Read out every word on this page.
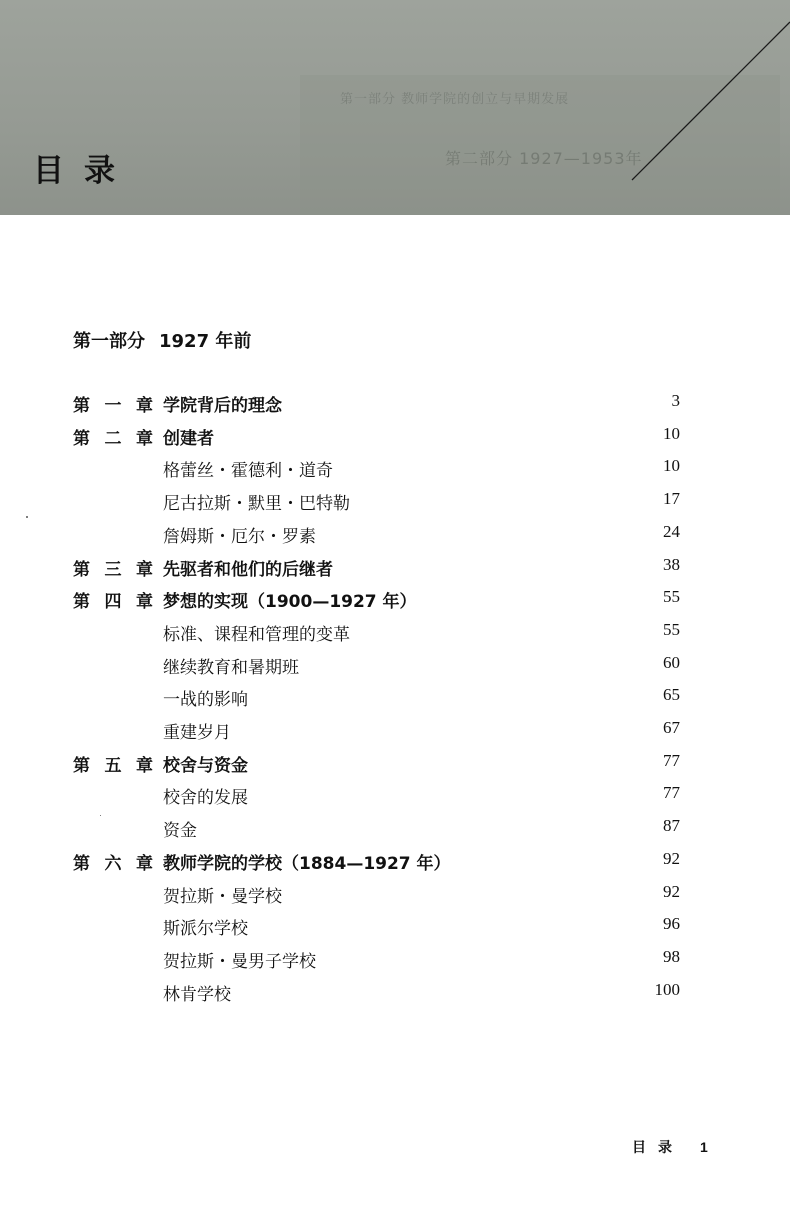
第一部分 教师学院的创立与早期发展
第二部分 1927—1953年
目录
第一部分 1927 年前
第 一 章 学院背后的理念	3
第 二 章 创建者	10
格蕾丝・霍德利・道奇	10
尼古拉斯・默里・巴特勒	17
詹姆斯・厄尔・罗素	24
第 三 章 先驱者和他们的后继者	38
第 四 章 梦想的实现（1900—1927 年）	55
标准、课程和管理的变革	55
继续教育和暑期班	60
一战的影响	65
重建岁月	67
第 五 章 校舍与资金	77
校舍的发展	77
资金	87
第 六 章 教师学院的学校（1884—1927 年）	92
贺拉斯・曼学校	92
斯派尔学校	96
贺拉斯・曼男子学校	98
林肯学校	100
目录 1
